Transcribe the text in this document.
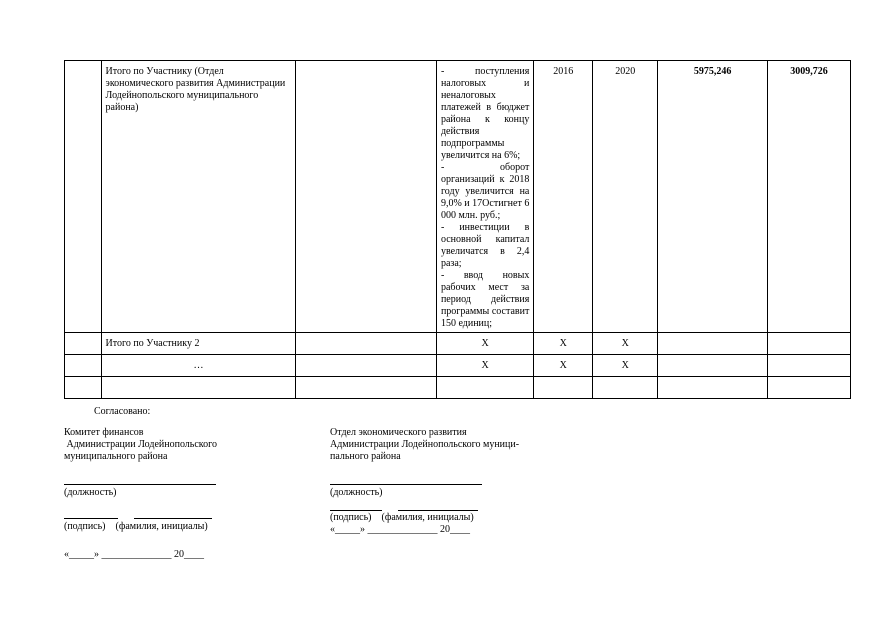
	Итого по Участнику (Отдел экономического развития Администрации Лодейнопольского муниципального района)		- поступления налоговых и неналоговых платежей в бюджет района к концу действия подпрограммы увеличится на 6%;
- оборот организаций к 2018 году увеличится на 9,0% и 17Oстигнет 6 000 млн. руб.;
- инвестиции в основной капитал увеличатся в 2,4 раза;
- ввод новых рабочих мест за период действия программы составит 150 единиц;	2016	2020	5975,246	3009,726
	Итого по Участнику 2		X	X	X		
	…		X	X	X		

Согласовано:
Комитет финансов
Администрации Лодейнопольского
муниципального района
(должность)
(подпись)    (фамилия, инициалы)
«_____» ______________ 20____
Отдел экономического развития
Администрации Лодейнопольского муници-
пального района
(должность)
(подпись)    (фамилия, инициалы)
«_____» ______________ 20____
